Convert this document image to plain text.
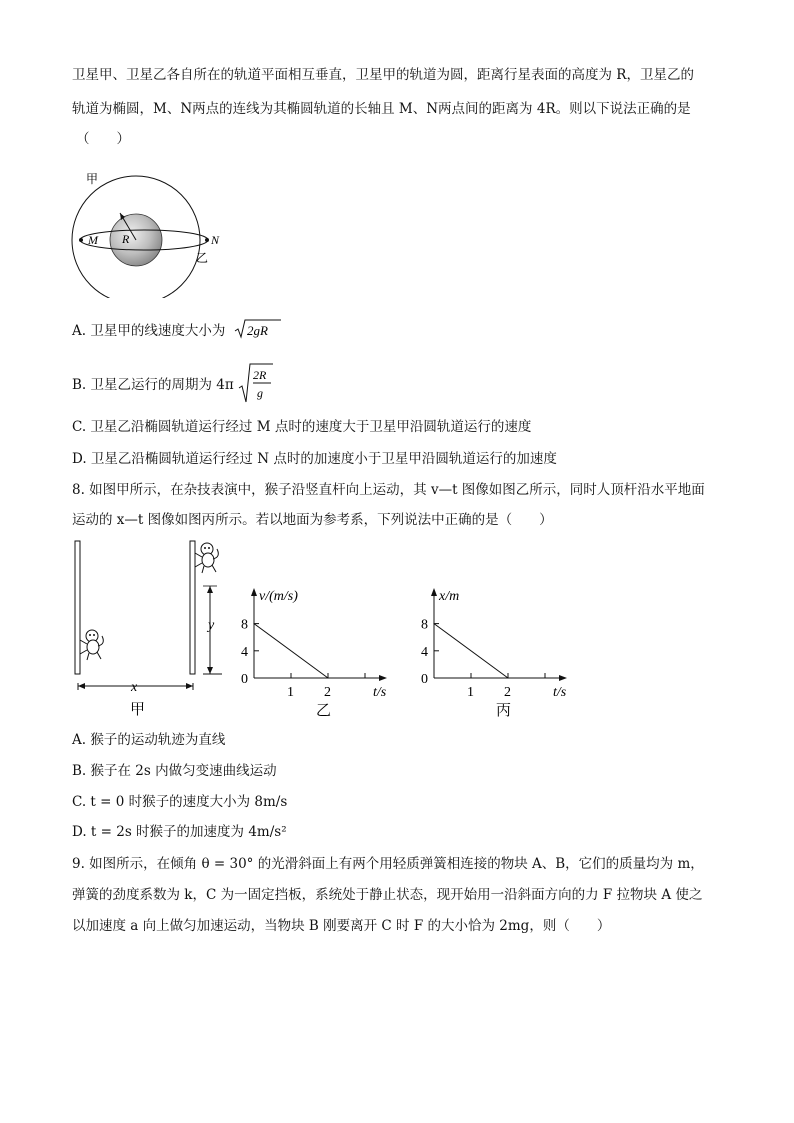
卫星甲、卫星乙各自所在的轨道平面相互垂直，卫星甲的轨道为圆，距离行星表面的高度为 R，卫星乙的
轨道为椭圆，M、N两点的连线为其椭圆轨道的长轴且 M、N两点间的距离为 4R。则以下说法正确的是
（　　）
甲
M	N
R
乙
A. 卫星甲的线速度大小为 2gR
B. 卫星乙运行的周期为 4π
2R
g
C. 卫星乙沿椭圆轨道运行经过 M 点时的速度大于卫星甲沿圆轨道运行的速度
D. 卫星乙沿椭圆轨道运行经过 N 点时的加速度小于卫星甲沿圆轨道运行的加速度
8. 如图甲所示，在杂技表演中，猴子沿竖直杆向上运动，其 v—t 图像如图乙所示，同时人顶杆沿水平地面
运动的 x—t 图像如图丙所示。若以地面为参考系，下列说法中正确的是（　　）
y
x
甲
8
4
0
1 2
v/(m/s)
t/s
乙
8
4
0
1 2
x/m
t/s
丙
A. 猴子的运动轨迹为直线
B. 猴子在 2s 内做匀变速曲线运动
C. t = 0 时猴子的速度大小为 8m/s
D. t = 2s 时猴子的加速度为 4m/s²
9. 如图所示，在倾角 θ = 30° 的光滑斜面上有两个用轻质弹簧相连接的物块 A、B，它们的质量均为 m，
弹簧的劲度系数为 k，C 为一固定挡板，系统处于静止状态，现开始用一沿斜面方向的力 F 拉物块 A 使之
以加速度 a 向上做匀加速运动，当物块 B 刚要离开 C 时 F 的大小恰为 2mg，则（　　）
